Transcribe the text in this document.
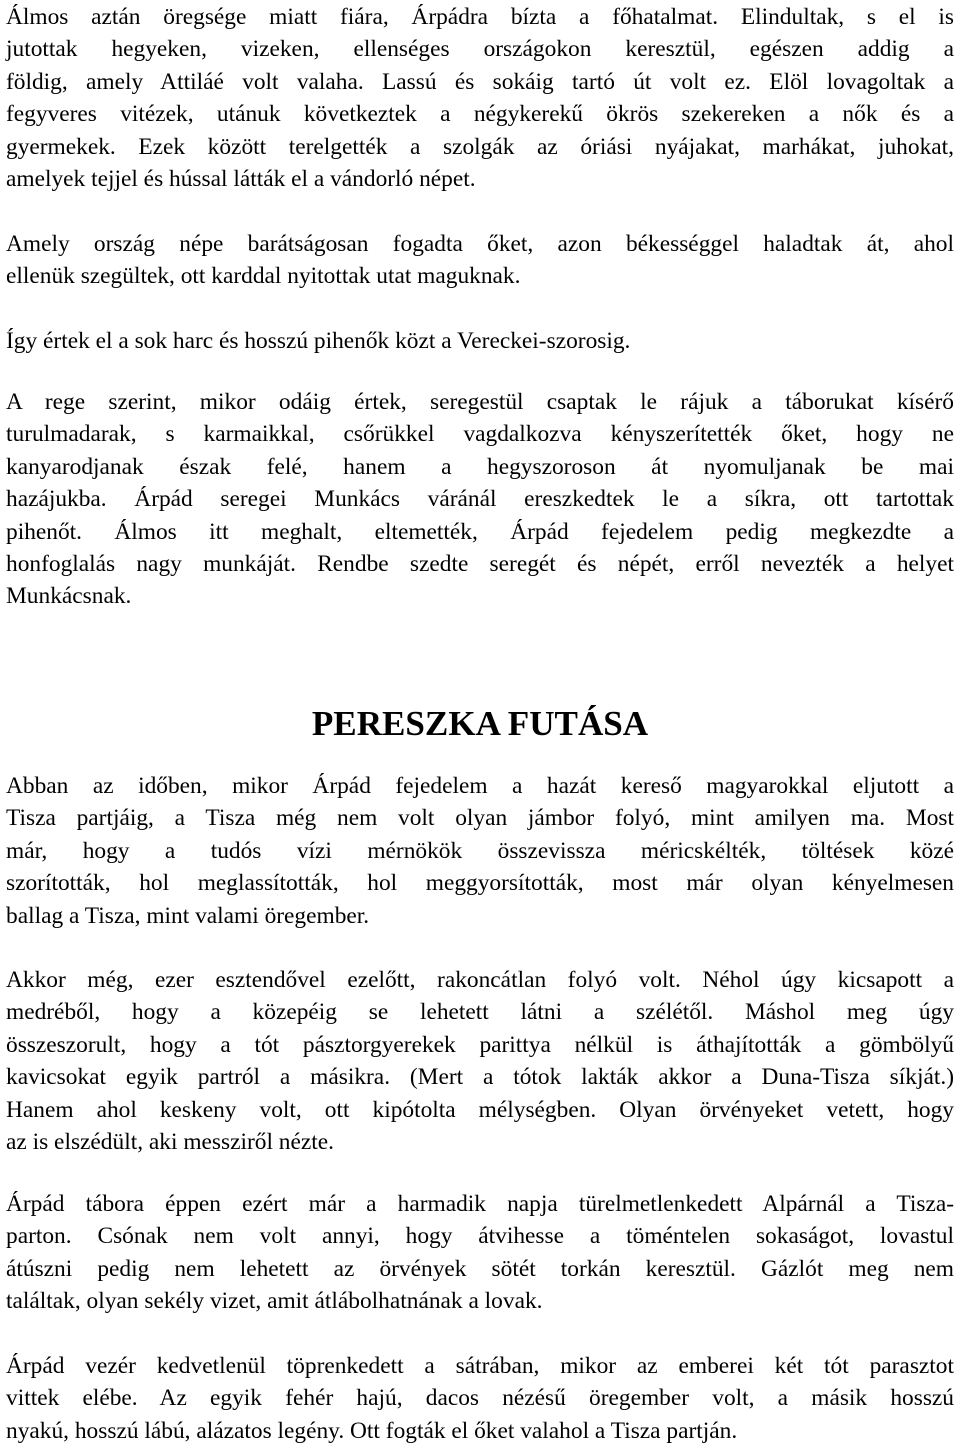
Álmos aztán öregsége miatt fiára, Árpádra bízta a főhatalmat. Elindultak, s el is
jutottak hegyeken, vizeken, ellenséges országokon keresztül, egészen addig a
földig, amely Attiláé volt valaha. Lassú és sokáig tartó út volt ez. Elöl lovagoltak a
fegyveres vitézek, utánuk következtek a négykerekű ökrös szekereken a nők és a
gyermekek. Ezek között terelgették a szolgák az óriási nyájakat, marhákat, juhokat,
amelyek tejjel és hússal látták el a vándorló népet.
Amely ország népe barátságosan fogadta őket, azon békességgel haladtak át, ahol
ellenük szegültek, ott karddal nyitottak utat maguknak.
Így értek el a sok harc és hosszú pihenők közt a Vereckei-szorosig.
A rege szerint, mikor odáig értek, seregestül csaptak le rájuk a táborukat kísérő
turulmadarak, s karmaikkal, csőrükkel vagdalkozva kényszerítették őket, hogy ne
kanyarodjanak észak felé, hanem a hegyszoroson át nyomuljanak be mai
hazájukba. Árpád seregei Munkács váránál ereszkedtek le a síkra, ott tartottak
pihenőt. Álmos itt meghalt, eltemették, Árpád fejedelem pedig megkezdte a
honfoglalás nagy munkáját. Rendbe szedte seregét és népét, erről nevezték a helyet
Munkácsnak.
PERESZKA FUTÁSA
Abban az időben, mikor Árpád fejedelem a hazát kereső magyarokkal eljutott a
Tisza partjáig, a Tisza még nem volt olyan jámbor folyó, mint amilyen ma. Most
már, hogy a tudós vízi mérnökök összevissza méricskélték, töltések közé
szorították, hol meglassították, hol meggyorsították, most már olyan kényelmesen
ballag a Tisza, mint valami öregember.
Akkor még, ezer esztendővel ezelőtt, rakoncátlan folyó volt. Néhol úgy kicsapott a
medréből, hogy a közepéig se lehetett látni a szélétől. Máshol meg úgy
összeszorult, hogy a tót pásztorgyerekek parittya nélkül is áthajították a gömbölyű
kavicsokat egyik partról a másikra. (Mert a tótok lakták akkor a Duna-Tisza síkját.)
Hanem ahol keskeny volt, ott kipótolta mélységben. Olyan örvényeket vetett, hogy
az is elszédült, aki messziről nézte.
Árpád tábora éppen ezért már a harmadik napja türelmetlenkedett Alpárnál a Tisza-
parton. Csónak nem volt annyi, hogy átvihesse a töméntelen sokaságot, lovastul
átúszni pedig nem lehetett az örvények sötét torkán keresztül. Gázlót meg nem
találtak, olyan sekély vizet, amit átlábolhatnának a lovak.
Árpád vezér kedvetlenül töprenkedett a sátrában, mikor az emberei két tót parasztot
vittek elébe. Az egyik fehér hajú, dacos nézésű öregember volt, a másik hosszú
nyakú, hosszú lábú, alázatos legény. Ott fogták el őket valahol a Tisza partján.
